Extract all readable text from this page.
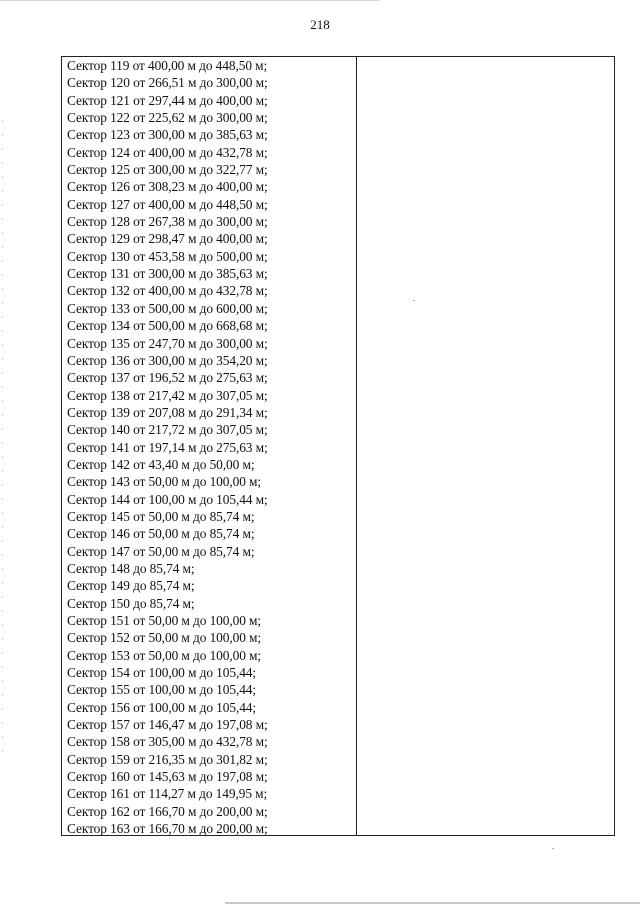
218
Сектор 119 от 400,00 м до 448,50 м;
Сектор 120 от 266,51 м до 300,00 м;
Сектор 121 от 297,44 м до 400,00 м;
Сектор 122 от 225,62 м до 300,00 м;
Сектор 123 от 300,00 м до 385,63 м;
Сектор 124 от 400,00 м до 432,78 м;
Сектор 125 от 300,00 м до 322,77 м;
Сектор 126 от 308,23 м до 400,00 м;
Сектор 127 от 400,00 м до 448,50 м;
Сектор 128 от 267,38 м до 300,00 м;
Сектор 129 от 298,47 м до 400,00 м;
Сектор 130 от 453,58 м до 500,00 м;
Сектор 131 от 300,00 м до 385,63 м;
Сектор 132 от 400,00 м до 432,78 м;
Сектор 133 от 500,00 м до 600,00 м;
Сектор 134 от 500,00 м до 668,68 м;
Сектор 135 от 247,70 м до 300,00 м;
Сектор 136 от 300,00 м до 354,20 м;
Сектор 137 от 196,52 м до 275,63 м;
Сектор 138 от 217,42 м до 307,05 м;
Сектор 139 от 207,08 м до 291,34 м;
Сектор 140 от 217,72 м до 307,05 м;
Сектор 141 от 197,14 м до 275,63 м;
Сектор 142 от 43,40 м до 50,00 м;
Сектор 143 от 50,00 м до 100,00 м;
Сектор 144 от 100,00 м до 105,44 м;
Сектор 145 от 50,00 м до 85,74 м;
Сектор 146 от 50,00 м до 85,74 м;
Сектор 147 от 50,00 м до 85,74 м;
Сектор 148 до 85,74 м;
Сектор 149 до 85,74 м;
Сектор 150 до 85,74 м;
Сектор 151 от 50,00 м до 100,00 м;
Сектор 152 от 50,00 м до 100,00 м;
Сектор 153 от 50,00 м до 100,00 м;
Сектор 154 от 100,00 м до 105,44;
Сектор 155 от 100,00 м до 105,44;
Сектор 156 от 100,00 м до 105,44;
Сектор 157 от 146,47 м до 197,08 м;
Сектор 158 от 305,00 м до 432,78 м;
Сектор 159 от 216,35 м до 301,82 м;
Сектор 160 от 145,63 м до 197,08 м;
Сектор 161 от 114,27 м до 149,95 м;
Сектор 162 от 166,70 м до 200,00 м;
Сектор 163 от 166,70 м до 200,00 м;
